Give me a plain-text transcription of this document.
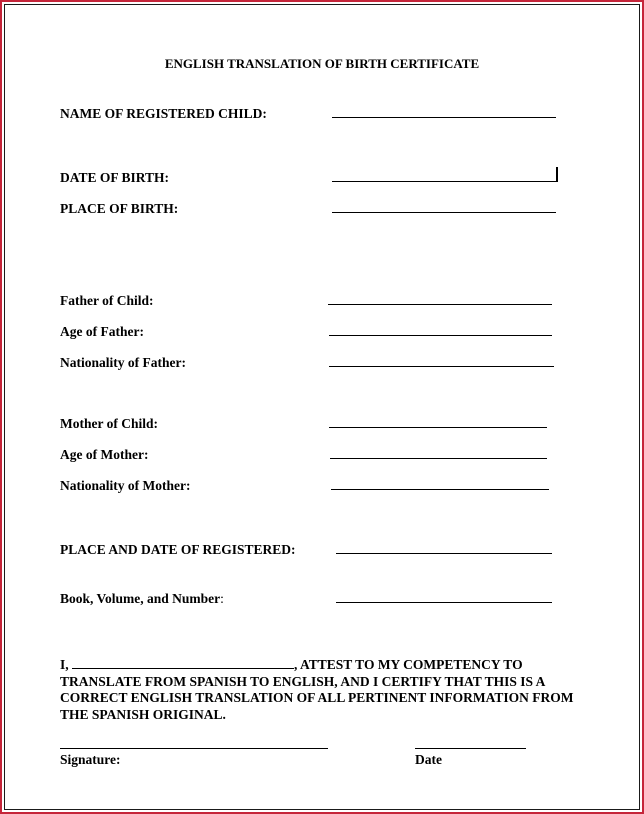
ENGLISH TRANSLATION OF BIRTH CERTIFICATE
NAME OF REGISTERED CHILD:
DATE OF BIRTH:
PLACE OF BIRTH:
Father of Child:
Age of Father:
Nationality of Father:
Mother of Child:
Age of Mother:
Nationality of Mother:
PLACE AND DATE OF REGISTERED:
Book, Volume, and Number:
I,	, ATTEST TO MY COMPETENCY TO TRANSLATE FROM SPANISH TO ENGLISH, AND I CERTIFY THAT THIS IS A CORRECT ENGLISH TRANSLATION OF ALL PERTINENT INFORMATION FROM THE SPANISH ORIGINAL.
Signature:	Date
